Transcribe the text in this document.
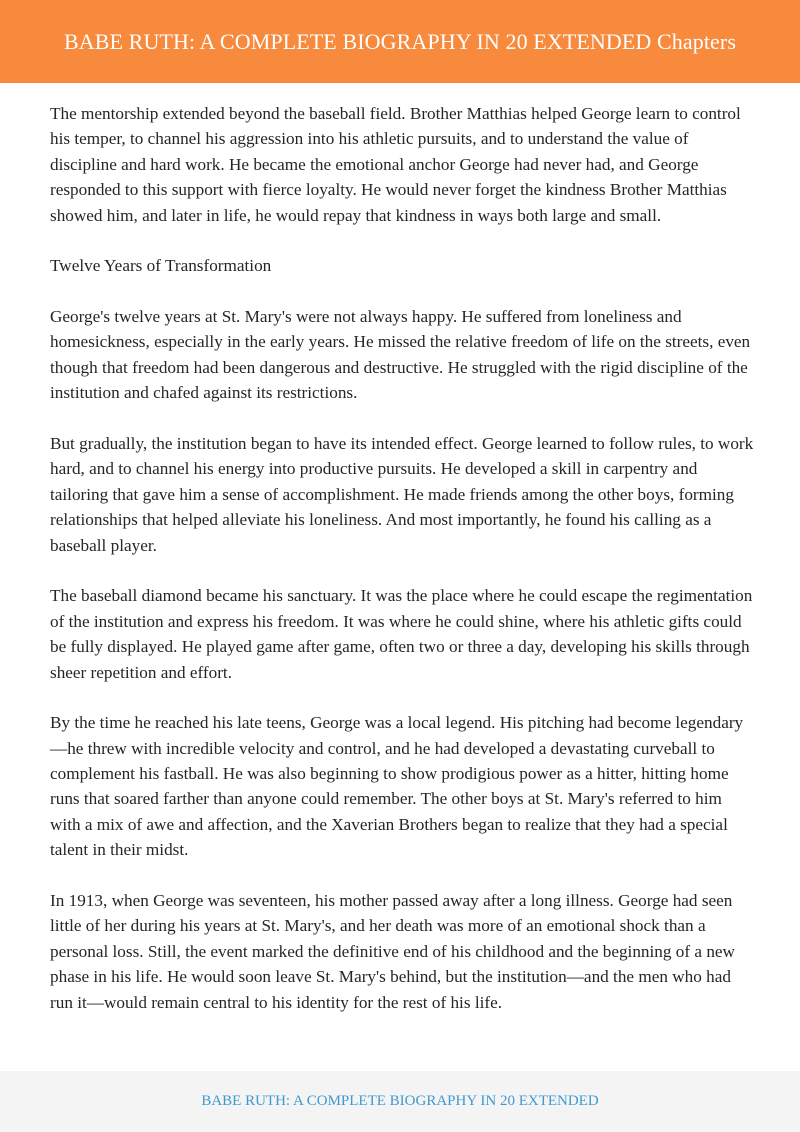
BABE RUTH: A COMPLETE BIOGRAPHY IN 20 EXTENDED Chapters

The mentorship extended beyond the baseball field. Brother Matthias helped George learn to control his temper, to channel his aggression into his athletic pursuits, and to understand the value of discipline and hard work. He became the emotional anchor George had never had, and George responded to this support with fierce loyalty. He would never forget the kindness Brother Matthias showed him, and later in life, he would repay that kindness in ways both large and small.

Twelve Years of Transformation

George's twelve years at St. Mary's were not always happy. He suffered from loneliness and homesickness, especially in the early years. He missed the relative freedom of life on the streets, even though that freedom had been dangerous and destructive. He struggled with the rigid discipline of the institution and chafed against its restrictions.

But gradually, the institution began to have its intended effect. George learned to follow rules, to work hard, and to channel his energy into productive pursuits. He developed a skill in carpentry and tailoring that gave him a sense of accomplishment. He made friends among the other boys, forming relationships that helped alleviate his loneliness. And most importantly, he found his calling as a baseball player.

The baseball diamond became his sanctuary. It was the place where he could escape the regimentation of the institution and express his freedom. It was where he could shine, where his athletic gifts could be fully displayed. He played game after game, often two or three a day, developing his skills through sheer repetition and effort.

By the time he reached his late teens, George was a local legend. His pitching had become legendary—he threw with incredible velocity and control, and he had developed a devastating curveball to complement his fastball. He was also beginning to show prodigious power as a hitter, hitting home runs that soared farther than anyone could remember. The other boys at St. Mary's referred to him with a mix of awe and affection, and the Xaverian Brothers began to realize that they had a special talent in their midst.

In 1913, when George was seventeen, his mother passed away after a long illness. George had seen little of her during his years at St. Mary's, and her death was more of an emotional shock than a personal loss. Still, the event marked the definitive end of his childhood and the beginning of a new phase in his life. He would soon leave St. Mary's behind, but the institution—and the men who had run it—would remain central to his identity for the rest of his life.

BABE RUTH: A COMPLETE BIOGRAPHY IN 20 EXTENDED
